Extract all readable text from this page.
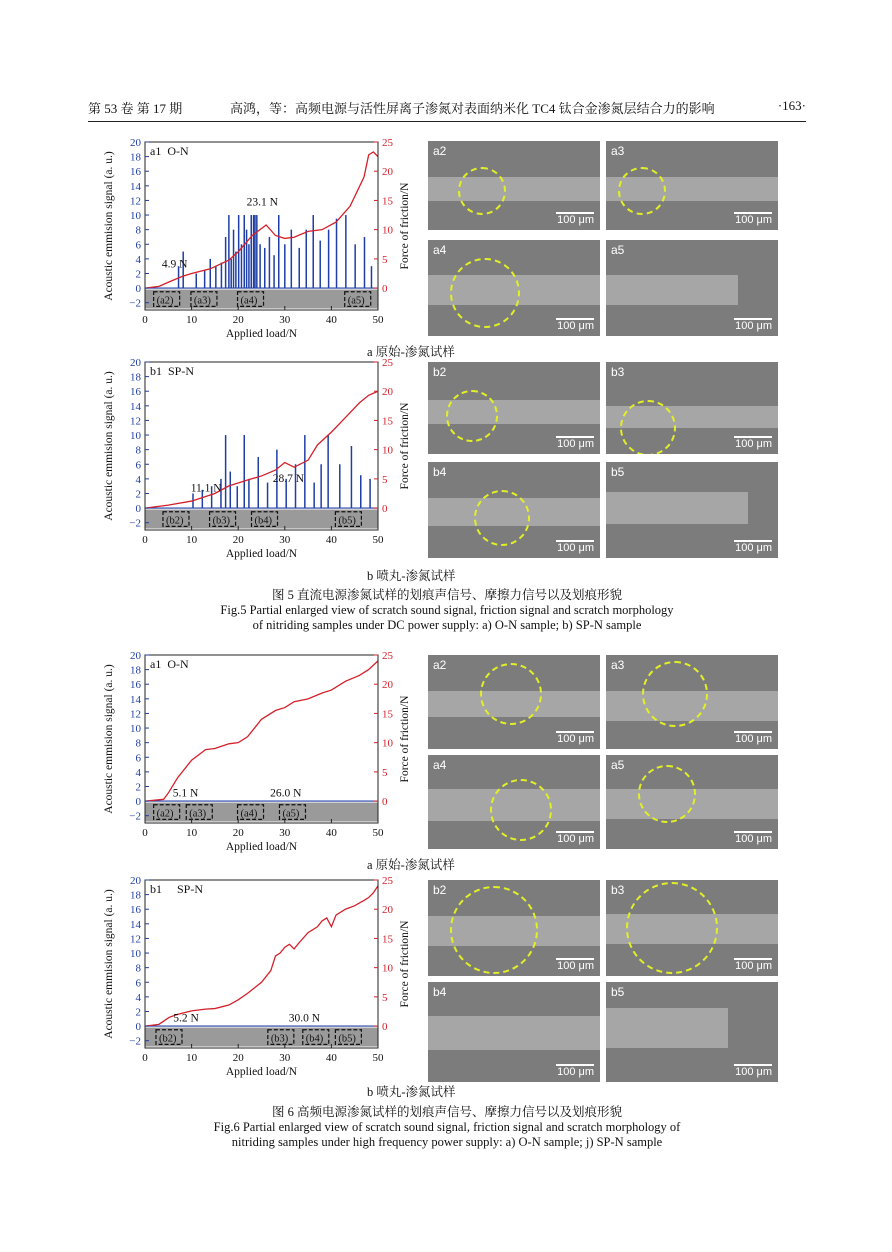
第 53 卷 第 17 期	高鸿，等：高频电源与活性屏离子渗氮对表面纳米化 TC4 钛合金渗氮层结合力的影响	·163·
(a2) (a3)	(a4)	(a5)
20
18
16
14
12
10
8
6
4
2
0
−2
25
20
15
10
5
0
0	10	20	30	40	50
Applied load/N
Acoustic emmision signal (a. u.)	Force of friction/N
a1  O-N
4.9 N
23.1 N
(b2)	(b3) (b4)	(b5)
20
18
16
14
12
10
8
6
4
2
0
−2
25
20
15
10
5
0
0	10	20	30	40	50
Applied load/N
Acoustic emmision signal (a. u.)	Force of friction/N
b1  SP-N
11.1 N
28.7 N
(a2) (a3)	(a4) (a5)
20
18
16
14
12
10
8
6
4
2
0
−2
25
20
15
10
5
0
0	10	20	30	40	50
Applied load/N
Acoustic emmision signal (a. u.)	Force of friction/N
a1  O-N
5.1 N	26.0 N
(b2)	(b3) (b4) (b5)
20
18
16
14
12
10
8
6
4
2
0
−2
25
20
15
10
5
0
0	10	20	30	40	50
Applied load/N
Acoustic emmision signal (a. u.)	Force of friction/N
b1     SP-N
5.2 N	30.0 N
a2
100 μm
a3
100 μm
a4
100 μm
a5
100 μm
b2
100 μm
b3
100 μm
b4
100 μm
b5
100 μm
a2
100 μm
a3
100 μm
a4
100 μm
a5
100 μm
b2
100 μm
b3
100 μm
b4
100 μm
b5
100 μm
a 原始-渗氮试样
b 喷丸-渗氮试样
a 原始-渗氮试样
b 喷丸-渗氮试样
图 5 直流电源渗氮试样的划痕声信号、摩擦力信号以及划痕形貌
Fig.5 Partial enlarged view of scratch sound signal, friction signal and scratch morphology
of nitriding samples under DC power supply: a) O-N sample; b) SP-N sample
图 6 高频电源渗氮试样的划痕声信号、摩擦力信号以及划痕形貌
Fig.6 Partial enlarged view of scratch sound signal, friction signal and scratch morphology of
nitriding samples under high frequency power supply: a) O-N sample; j) SP-N sample
